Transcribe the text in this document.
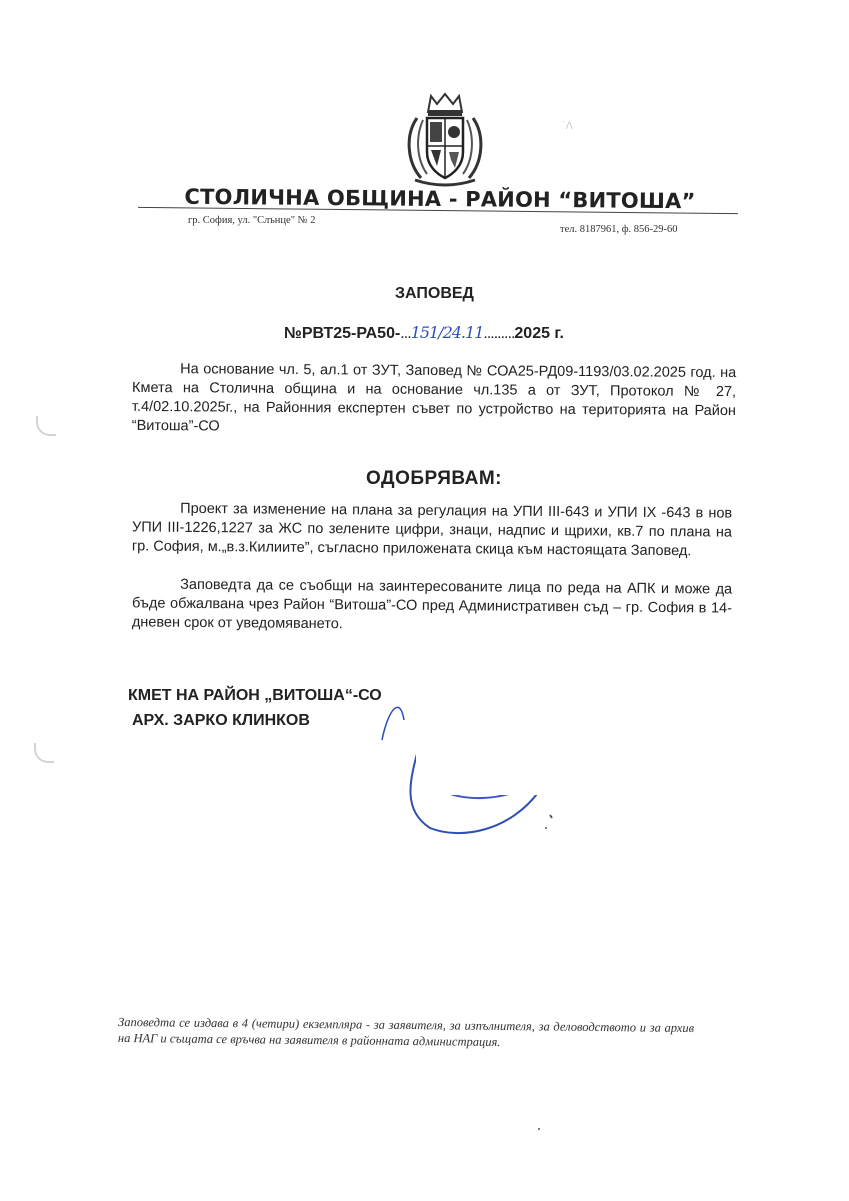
˙Λ
СТОЛИЧНА ОБЩИНА - РАЙОН “ВИТОША”
гр. София, ул. "Слънце" № 2
тел. 8187961, ф. 856-29-60
ЗАПОВЕД
№РВТ25-РА50-...151/24.11.........2025 г.
На основание чл. 5, ал.1 от ЗУТ, Заповед № СОА25-РД09-1193/03.02.2025 год. на Кмета на Столична община и на основание чл.135 а от ЗУТ, Протокол № 27, т.4/02.10.2025г., на Районния експертен съвет по устройство на територията на Район “Витоша”-СО
ОДОБРЯВАМ:
Проект за изменение на плана за регулация на УПИ III-643 и УПИ IX -643 в нов УПИ III-1226,1227 за ЖС по зелените цифри, знаци, надпис и щрихи, кв.7 по плана на гр. София, м.„в.з.Килиите”, съгласно приложената скица към настоящата Заповед.
Заповедта да се съобщи на заинтересованите лица по реда на АПК и може да бъде обжалвана чрез Район “Витоша”-СО пред Административен съд – гр. София в 14-дневен срок от уведомяването.
КМЕТ НА РАЙОН „ВИТОША“-СО
АРХ. ЗАРКО КЛИНКОВ
Заповедта се издава в 4 (четири) екземпляра - за заявителя, за изпълнителя, за деловодството и за архив на НАГ и същата се връчва на заявителя в районната администрация.
